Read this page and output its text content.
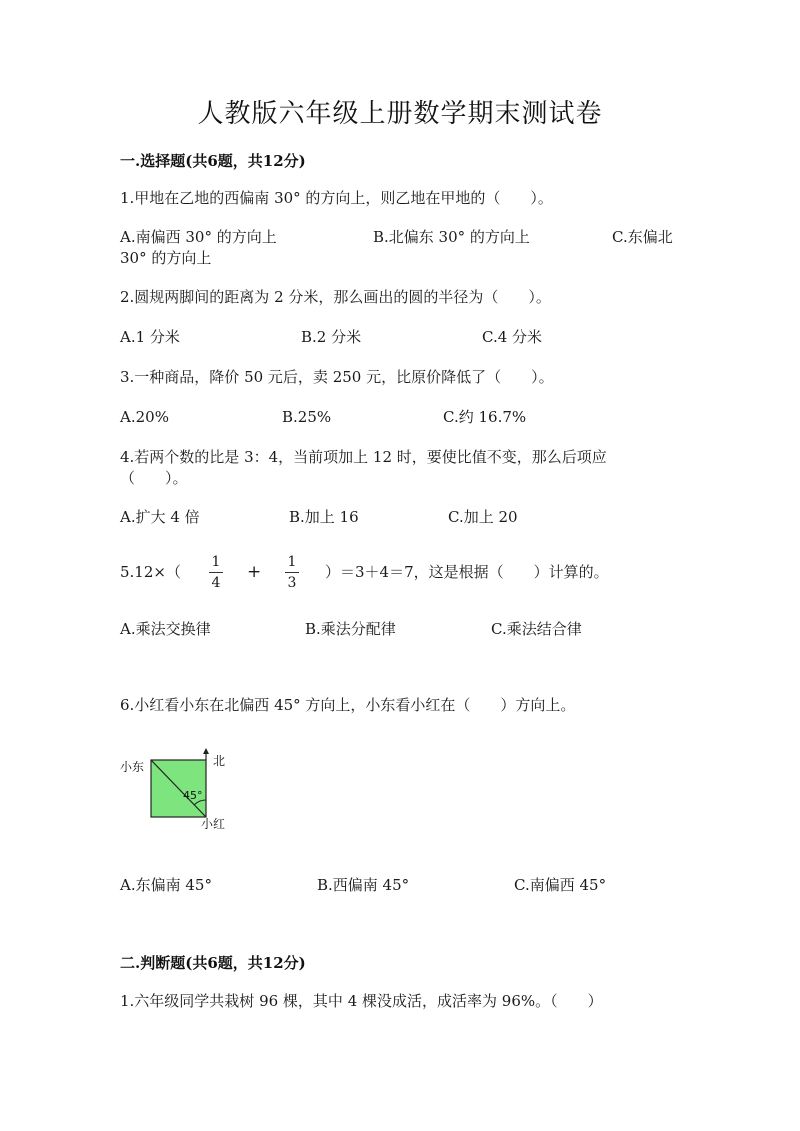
人教版六年级上册数学期末测试卷
一.选择题(共6题，共12分)
1.甲地在乙地的西偏南 30° 的方向上，则乙地在甲地的（　　）。
A.南偏西 30° 的方向上	B.北偏东 30° 的方向上	C.东偏北
30° 的方向上
2.圆规两脚间的距离为 2 分米，那么画出的圆的半径为（　　）。
A.1 分米	B.2 分米	C.4 分米
3.一种商品，降价 50 元后，卖 250 元，比原价降低了（　　）。
A.20%	B.25%	C.约 16.7%
4.若两个数的比是 3：4，当前项加上 12 时，要使比值不变，那么后项应
（　　）。
A.扩大 4 倍	B.加上 16	C.加上 20
5.12×（
1
4
+	1
3
）＝3＋4＝7，这是根据（　　）计算的。
A.乘法交换律	B.乘法分配律	C.乘法结合律
6.小红看小东在北偏西 45° 方向上，小东看小红在（　　）方向上。
小东	北
45°
小红
A.东偏南 45°	B.西偏南 45°	C.南偏西 45°
二.判断题(共6题，共12分)
1.六年级同学共栽树 96 棵，其中 4 棵没成活，成活率为 96%。（　　）
